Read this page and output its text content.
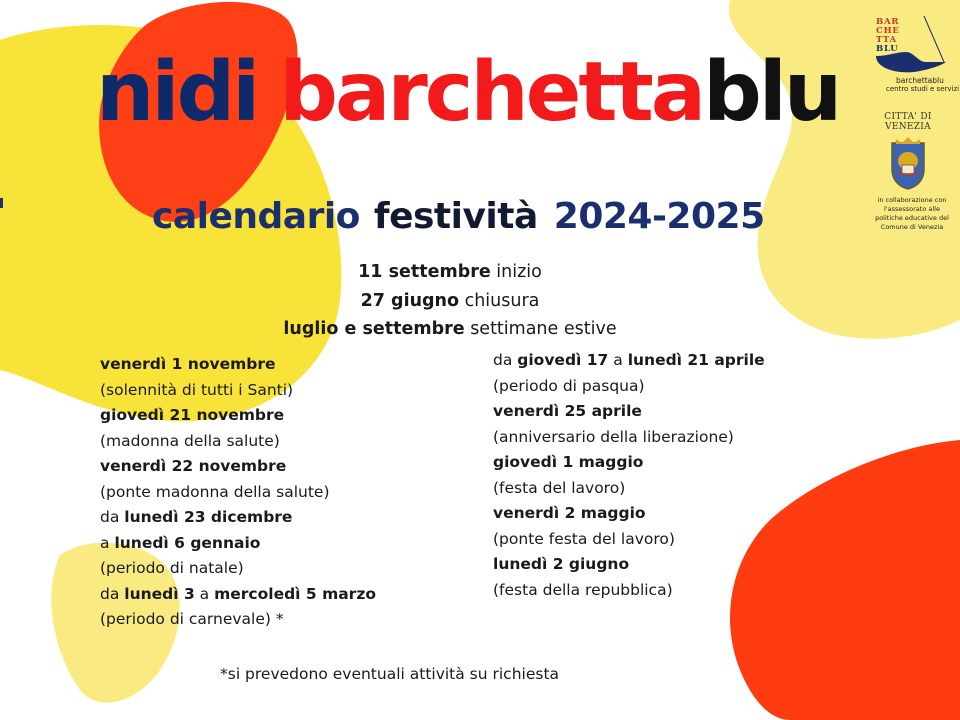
nidi barchettablu
calendario festività 2024-2025
11 settembre inizio
27 giugno chiusura
luglio e settembre settimane estive
venerdì 1 novembre
(solennità di tutti i Santi)
giovedì 21 novembre
(madonna della salute)
venerdì 22 novembre
(ponte madonna della salute)
da lunedì 23 dicembre
a lunedì 6 gennaio
(periodo di natale)
da lunedì 3 a mercoledì 5 marzo
(periodo di carnevale) *
da giovedì 17 a lunedì 21 aprile
(periodo di pasqua)
venerdì 25 aprile
(anniversario della liberazione)
giovedì 1 maggio
(festa del lavoro)
venerdì 2 maggio
(ponte festa del lavoro)
lunedì 2 giugno
(festa della repubblica)
*si prevedono eventuali attività su richiesta
BAR
CHE
TTA
BLU
barchettablu
centro studi e servizi
CITTA' DI
VENEZIA
in collaborazione con
l'assessorato alle
politiche educative del
Comune di Venezia
